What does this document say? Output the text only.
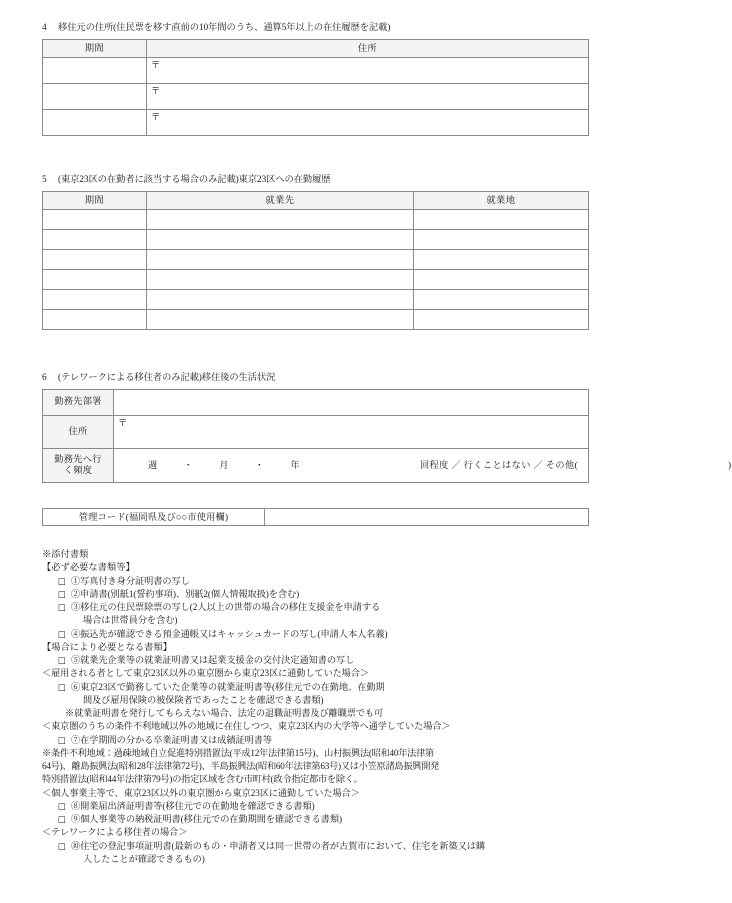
4 移住元の住所(住民票を移す直前の10年間のうち、通算5年以上の在住履歴を記載)
期間	住所
	〒
	〒
	〒
5 (東京23区の在勤者に該当する場合のみ記載)東京23区への在勤履歴
期間	就業先	就業地

6 (テレワークによる移住者のみ記載)移住後の生活状況
勤務先部署	
住所	〒
勤務先へ行
く頻度	週 ・ 月 ・ 年 回程度 ／ 行くことはない ／ その他( )
管理コード(福岡県及び○○市使用欄)	

※添付書類

【必ず必要な書類等】

□ ①写真付き身分証明書の写し

□ ②申請書(別紙1(誓約事項)、別紙2(個人情報取扱)を含む)

□ ③移住元の住民票除票の写し(2人以上の世帯の場合の移住支援金を申請する

場合は世帯員分を含む)

□ ④振込先が確認できる預金通帳又はキャッシュカードの写し(申請人本人名義)

【場合により必要となる書類】

□ ⑤就業先企業等の就業証明書又は起業支援金の交付決定通知書の写し

＜雇用される者として東京23区以外の東京圏から東京23区に通勤していた場合＞

□ ⑥東京23区で勤務していた企業等の就業証明書等(移住元での在勤地、在勤期

間及び雇用保険の被保険者であったことを確認できる書類)

※就業証明書を発行してもらえない場合、法定の退職証明書及び離職票でも可

＜東京圏のうちの条件不利地域以外の地域に在住しつつ、東京23区内の大学等へ通学していた場合＞

□ ⑦在学期間の分かる卒業証明書又は成績証明書等

※条件不利地域：過疎地域自立促進特別措置法(平成12年法律第15号)、山村振興法(昭和40年法律第
64号)、離島振興法(昭和28年法律第72号)、半島振興法(昭和60年法律第63号)又は小笠原諸島振興開発
特別措置法(昭和44年法律第79号)の指定区域を含む市町村(政令指定都市を除く。

＜個人事業主等で、東京23区以外の東京圏から東京23区に通勤していた場合＞

□ ⑧開業届出済証明書等(移住元での在勤地を確認できる書類)

□ ⑨個人事業等の納税証明書(移住元での在勤期間を確認できる書類)

＜テレワークによる移住者の場合＞

□ ⑩住宅の登記事項証明書(最新のもの・申請者又は同一世帯の者が古賀市において、住宅を新築又は購

入したことが確認できるもの)
